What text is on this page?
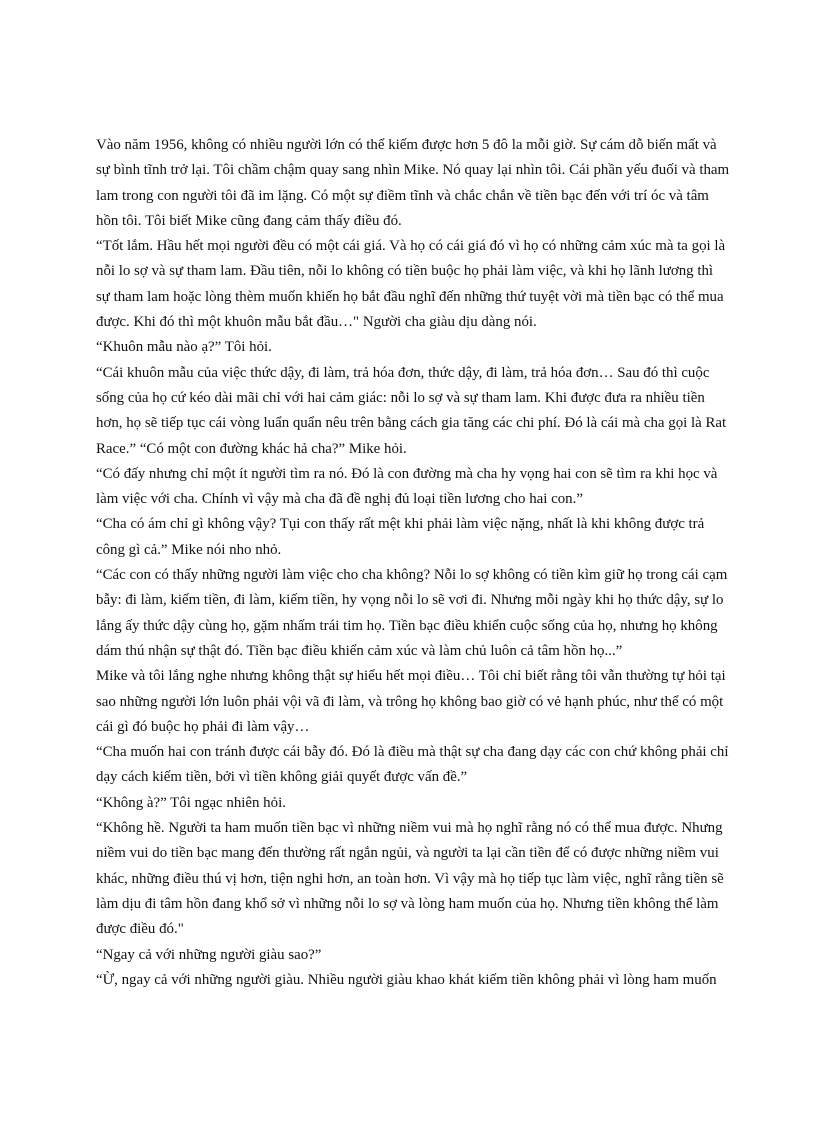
Vào năm 1956, không có nhiều người lớn có thể kiếm được hơn 5 đô la mỗi giờ. Sự cám dỗ biến mất và
sự bình tĩnh trở lại. Tôi chầm chậm quay sang nhìn Mike. Nó quay lại nhìn tôi. Cái phần yếu đuối và tham
lam trong con người tôi đã im lặng. Có một sự điềm tĩnh và chắc chắn về tiền bạc đến với trí óc và tâm
hồn tôi. Tôi biết Mike cũng đang cảm thấy điều đó.

“Tốt lắm. Hầu hết mọi người đều có một cái giá. Và họ có cái giá đó vì họ có những cảm xúc mà ta gọi là
nỗi lo sợ và sự tham lam. Đầu tiên, nỗi lo không có tiền buộc họ phải làm việc, và khi họ lãnh lương thì
sự tham lam hoặc lòng thèm muốn khiến họ bắt đầu nghĩ đến những thứ tuyệt vời mà tiền bạc có thể mua
được. Khi đó thì một khuôn mẫu bắt đầu…" Người cha giàu dịu dàng nói.

“Khuôn mẫu nào ạ?” Tôi hỏi.

“Cái khuôn mẫu của việc thức dậy, đi làm, trả hóa đơn, thức dậy, đi làm, trả hóa đơn… Sau đó thì cuộc
sống của họ cứ kéo dài mãi chỉ với hai cảm giác: nỗi lo sợ và sự tham lam. Khi được đưa ra nhiều tiền
hơn, họ sẽ tiếp tục cái vòng luẩn quẩn nêu trên bằng cách gia tăng các chi phí. Đó là cái mà cha gọi là Rat
Race.” “Có một con đường khác hả cha?” Mike hỏi.

“Có đấy nhưng chỉ một ít người tìm ra nó. Đó là con đường mà cha hy vọng hai con sẽ tìm ra khi học và
làm việc với cha. Chính vì vậy mà cha đã đề nghị đủ loại tiền lương cho hai con.”

“Cha có ám chỉ gì không vậy? Tụi con thấy rất mệt khi phải làm việc nặng, nhất là khi không được trả
công gì cả.” Mike nói nho nhỏ.

“Các con có thấy những người làm việc cho cha không? Nỗi lo sợ không có tiền kìm giữ họ trong cái cạm
bẫy: đi làm, kiếm tiền, đi làm, kiếm tiền, hy vọng nỗi lo sẽ vơi đi. Nhưng mỗi ngày khi họ thức dậy, sự lo
lắng ấy thức dậy cùng họ, gặm nhấm trái tim họ. Tiền bạc điều khiển cuộc sống của họ, nhưng họ không
dám thú nhận sự thật đó. Tiền bạc điều khiển cảm xúc và làm chủ luôn cả tâm hồn họ...”

Mike và tôi lắng nghe nhưng không thật sự hiểu hết mọi điều… Tôi chỉ biết rằng tôi vẫn thường tự hỏi tại
sao những người lớn luôn phải vội vã đi làm, và trông họ không bao giờ có vẻ hạnh phúc, như thể có một
cái gì đó buộc họ phải đi làm vậy…

“Cha muốn hai con tránh được cái bẫy đó. Đó là điều mà thật sự cha đang dạy các con chứ không phải chỉ
dạy cách kiếm tiền, bởi vì tiền không giải quyết được vấn đề.”

“Không à?” Tôi ngạc nhiên hỏi.

“Không hề. Người ta ham muốn tiền bạc vì những niềm vui mà họ nghĩ rằng nó có thể mua được. Nhưng
niềm vui do tiền bạc mang đến thường rất ngắn ngủi, và người ta lại cần tiền để có được những niềm vui
khác, những điều thú vị hơn, tiện nghi hơn, an toàn hơn. Vì vậy mà họ tiếp tục làm việc, nghĩ rằng tiền sẽ
làm dịu đi tâm hồn đang khổ sở vì những nỗi lo sợ và lòng ham muốn của họ. Nhưng tiền không thể làm
được điều đó."

“Ngay cả với những người giàu sao?”

“Ừ, ngay cả với những người giàu. Nhiều người giàu khao khát kiếm tiền không phải vì lòng ham muốn
